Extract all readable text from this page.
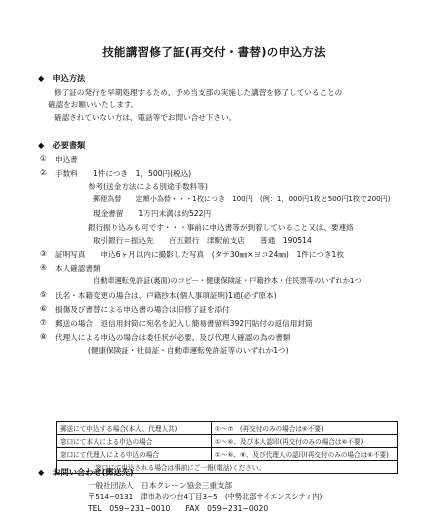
技能講習修了証(再交付・書替)の申込方法
◆　申込方法
修了証の発行を早期処理するため、予め当支部の実施した講習を修了していることの
確認をお願いいたします。
確認されていない方は、電話等でお問い合せ下さい。
◆　必要書類
① 申込書
② 手数料　　1件につき　1，500円(税込)
参考(送金方法による別途手数料等)
郵便為替　　定額小為替・・・1枚につき　100円　(例：1，000円1枚と500円1枚で200円)
現金書留　　1万円未満は約522円
銀行振り込みも可です・・・事前に申込書等が到着していること又は、要連絡
取引銀行＝振込先　　百五銀行　津駅前支店　　普通　190514
③ 証明写真　　申込6ヶ月以内に撮影した写真　(タテ30㎜×ヨコ24㎜)　1件につき1枚
④ 本人確認書類
自動車運転免許証(裏面)のコピー・健康保険証・戸籍抄本・住民票等のいずれか1つ
⑤ 氏名・本籍変更の場合は、戸籍抄本(個人事項証明)1通(必ず原本)
⑥ 損傷及び書替による申込書の場合は旧修了証を添付
⑦ 郵送の場合　返信用封筒に宛名を記入し簡易書留料392円貼付の返信用封筒
⑧ 代理人による申込の場合は委任状が必要、及び代理人確認の為の書類
(健康保険証・社員証・自動車運転免許証等のいずれか1つ)
郵送にて申込する場合(本人、代理人共)	①〜⑦　(再交付のみの場合は⑥不要)
窓口にて本人による申込の場合	①〜⑥、及び本人認印(再交付のみの場合は⑥不要)
窓口にて代理人による申込の場合	①〜⑥、⑧、及び代理人の認印(再交付のみの場合は⑥不要)
窓口にて申込される場合は事前にご一報(電話)ください。	
◆　お問い合わせ(郵送先)
一般社団法人　日本クレーン協会三重支部
〒514−0131　津市あのつ台4丁目3−5　(中勢北部サイエンスシティ内)
TEL　059−231−0010　　FAX　059−231−0020
